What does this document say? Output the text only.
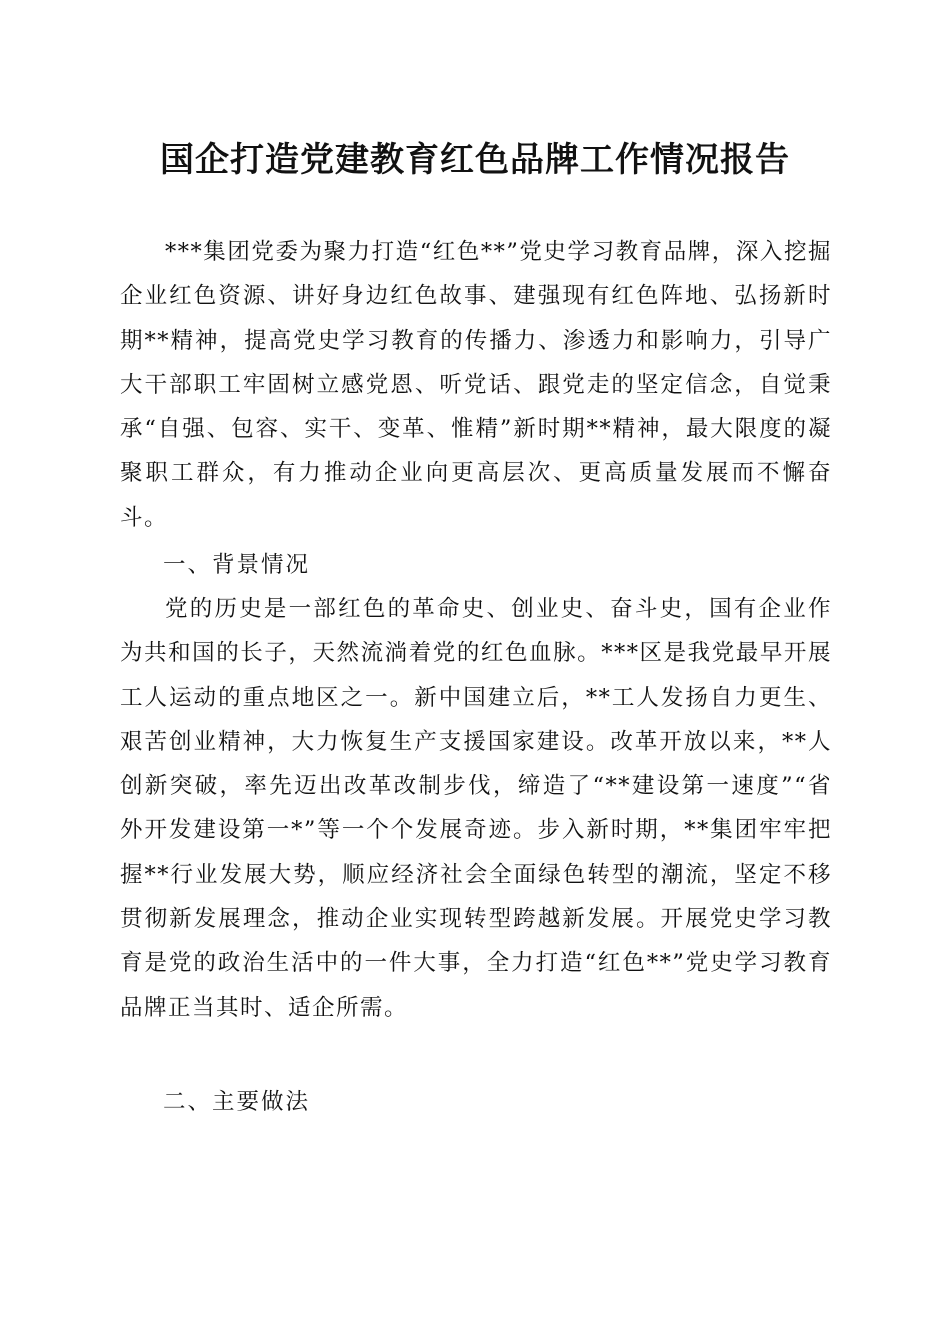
国企打造党建教育红色品牌工作情况报告
***集团党委为聚力打造“红色**”党史学习教育品牌，深入挖掘企业红色资源、讲好身边红色故事、建强现有红色阵地、弘扬新时期**精神，提高党史学习教育的传播力、渗透力和影响力，引导广大干部职工牢固树立感党恩、听党话、跟党走的坚定信念，自觉秉承“自强、包容、实干、变革、惟精”新时期**精神，最大限度的凝聚职工群众，有力推动企业向更高层次、更高质量发展而不懈奋斗。
一、背景情况
党的历史是一部红色的革命史、创业史、奋斗史，国有企业作为共和国的长子，天然流淌着党的红色血脉。***区是我党最早开展工人运动的重点地区之一。新中国建立后，**工人发扬自力更生、艰苦创业精神，大力恢复生产支援国家建设。改革开放以来，**人创新突破，率先迈出改革改制步伐，缔造了“**建设第一速度”“省外开发建设第一*”等一个个发展奇迹。步入新时期，**集团牢牢把握**行业发展大势，顺应经济社会全面绿色转型的潮流，坚定不移贯彻新发展理念，推动企业实现转型跨越新发展。开展党史学习教育是党的政治生活中的一件大事，全力打造“红色**”党史学习教育品牌正当其时、适企所需。
二、主要做法
